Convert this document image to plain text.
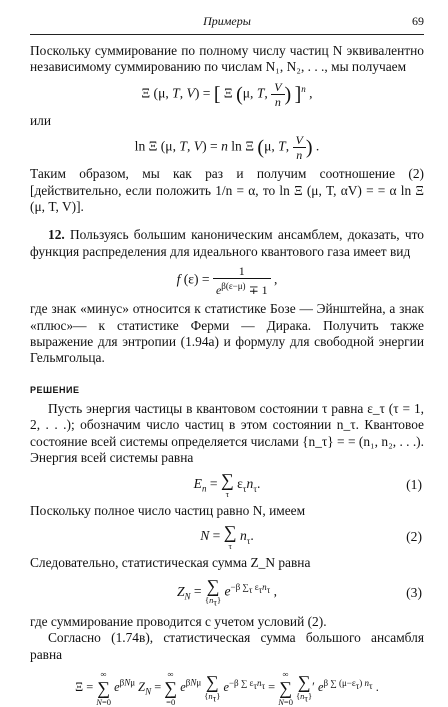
Примеры	69

Поскольку суммирование по полному числу частиц N эквивалентно независимому суммированию по числам N₁, N₂, . . ., мы получаем

Ξ (μ, T, V) = [ Ξ (μ, T, $\frac{V}{n}$ ) ]$^n$ ,

или

ln Ξ (μ, T, V) = n ln Ξ (μ, T, $\frac{V}{n}$ ) .

Таким образом, мы как раз и получим соотношение (2) [действительно, если положить 1/n = α, то ln Ξ (μ, T, αV) = = α ln Ξ (μ, T, V)].

12. Пользуясь большим каноническим ансамблем, доказать, что функция распределения для идеального квантового газа имеет вид

f $(\varepsilon) = \frac{1}{e^{\beta(\varepsilon-\mu)} \mp 1}$ ,

где знак «минус» относится к статистике Бозе — Эйнштейна, а знак «плюс»— к статистике Ферми — Дирака. Получить также выражение для энтропии (1.94а) и формулу для свободной энергии Гельмгольца.

РЕШЕНИЕ

Пусть энергия частицы в квантовом состоянии τ равна ε_τ (τ = 1, 2, . . .); обозначим число частиц в этом состоянии n_τ. Квантовое состояние всей системы определяется числами {n_τ} = = (n₁, n₂, . . .). Энергия всей системы равна

$E_n$ = ∑
τ
$\varepsilon_\tau n_\tau$.	(1)

Поскольку полное число частиц равно N, имеем

N = ∑
τ
$n_\tau$.	(2)

Следовательно, статистическая сумма Z_N равна

$Z_N$ = ∑
$\{n_\tau\}$
$e^{-\beta \sum_\tau \varepsilon_\tau n_\tau}$ ,	(3)

где суммирование проводится с учетом условий (2).

Согласно (1.74в), статистическая сумма большого ансамбля равна

Ξ =
∞
∑
N=0
$e^{\beta N\mu}$ $Z_N$ =
∞
∑
=0
$e^{\beta N\mu}$ ∑
$\{n_\tau\}$
$e^{-\beta \sum \varepsilon_\tau n_\tau}$ =
∞
∑
N=0

∑
$\{n_\tau\}$
′ $e^{\beta \sum (\mu-\varepsilon_\tau) n_\tau}$ .
